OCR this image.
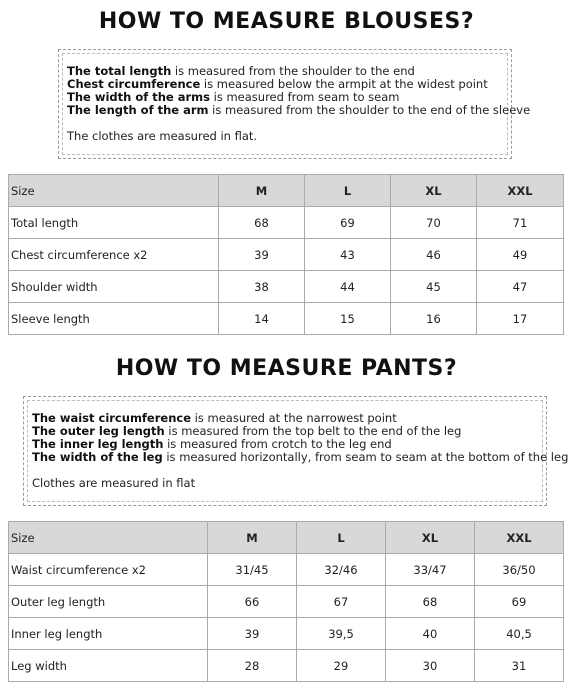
HOW TO MEASURE BLOUSES?
The total length is measured from the shoulder to the end
Chest circumference is measured below the armpit at the widest point
The width of the arms is measured from seam to seam
The length of the arm is measured from the shoulder to the end of the sleeve
The clothes are measured in flat.
Size	M	L	XL	XXL
Total length	68	69	70	71
Chest circumference x2	39	43	46	49
Shoulder width	38	44	45	47
Sleeve length	14	15	16	17
HOW TO MEASURE PANTS?
The waist circumference is measured at the narrowest point
The outer leg length is measured from the top belt to the end of the leg
The inner leg length is measured from crotch to the leg end
The width of the leg is measured horizontally, from seam to seam at the bottom of the leg
Clothes are measured in flat
Size	M	L	XL	XXL
Waist circumference x2	31/45	32/46	33/47	36/50
Outer leg length	66	67	68	69
Inner leg length	39	39,5	40	40,5
Leg width	28	29	30	31
